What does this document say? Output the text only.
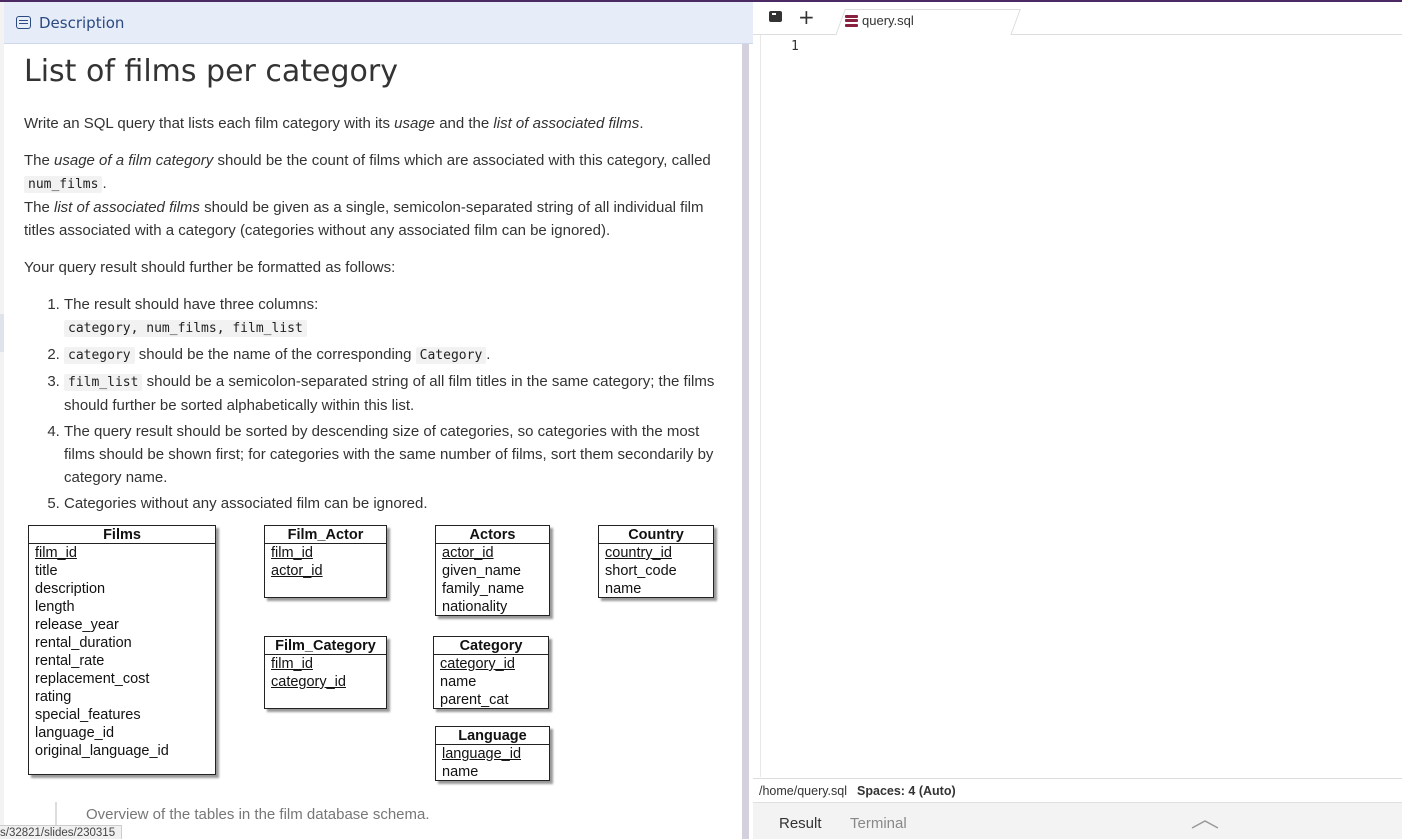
Description
List of films per category

Write an SQL query that lists each film category with its usage and the list of associated films.

The usage of a film category should be the count of films which are associated with this category, called num_films .
The list of associated films should be given as a single, semicolon-separated string of all individual film titles associated with a category (categories without any associated film can be ignored).

Your query result should further be formatted as follows:

1. The result should have three columns:
category, num_films, film_list
2. category should be the name of the corresponding Category .
3. film_list should be a semicolon-separated string of all film titles in the same category; the films should further be sorted alphabetically within this list.
4. The query result should be sorted by descending size of categories, so categories with the most films should be shown first; for categories with the same number of films, sort them secondarily by category name.
5. Categories without any associated film can be ignored.
Films
film_id
title
description
length
release_year
rental_duration
rental_rate
replacement_cost
rating
special_features
language_id
original_language_id
Film_Actor
film_id
actor_id
Actors
actor_id
given_name
family_name
nationality
Country
country_id
short_code
name
Film_Category
film_id
category_id
Category
category_id
name
parent_cat
Language
language_id
name
Overview of the tables in the film database schema.
s/32821/slides/230315
+	query.sql
1
/home/query.sql Spaces: 4 (Auto)
Result Terminal
